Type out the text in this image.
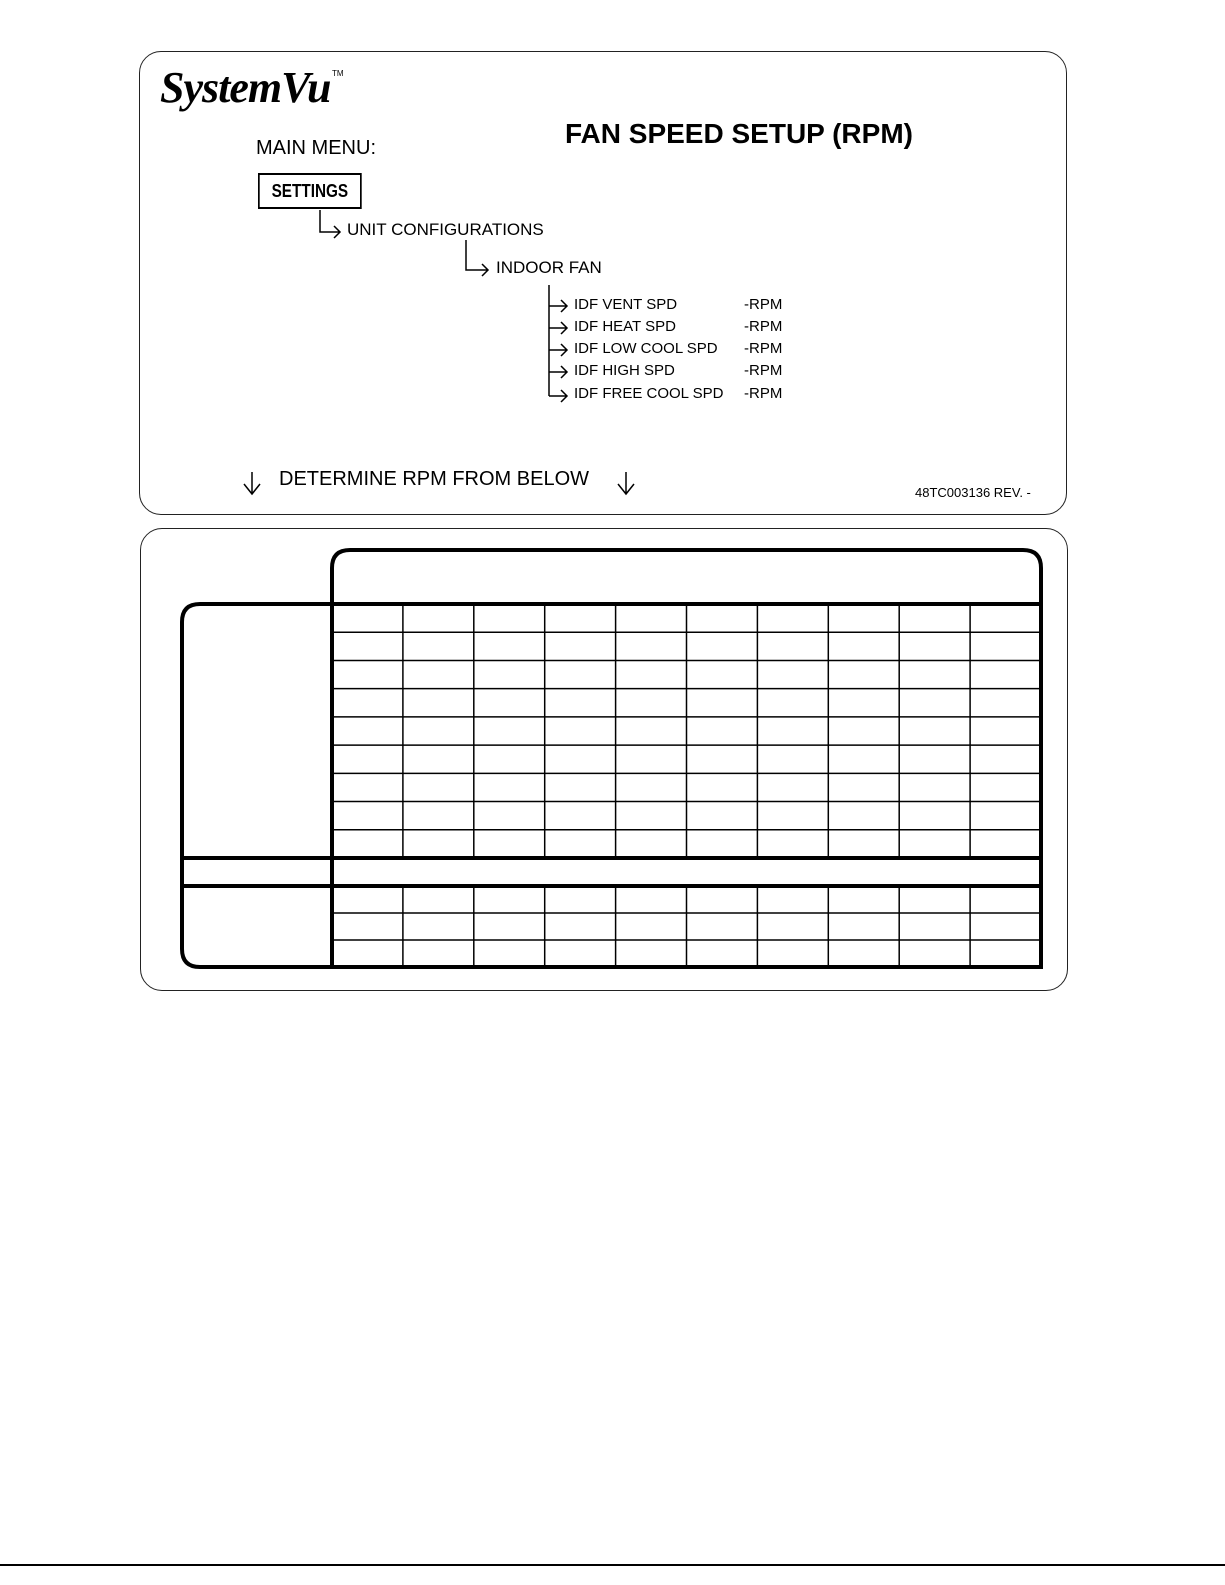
SystemVu TM
FAN SPEED SETUP (RPM)
MAIN MENU:
SETTINGS
UNIT CONFIGURATIONS
INDOOR FAN
IDF VENT SPD	-RPM
IDF HEAT SPD	-RPM
IDF LOW COOL SPD -RPM
IDF HIGH SPD	-RPM
IDF FREE COOL SPD -RPM
DETERMINE RPM FROM BELOW
48TC003136 REV. -
